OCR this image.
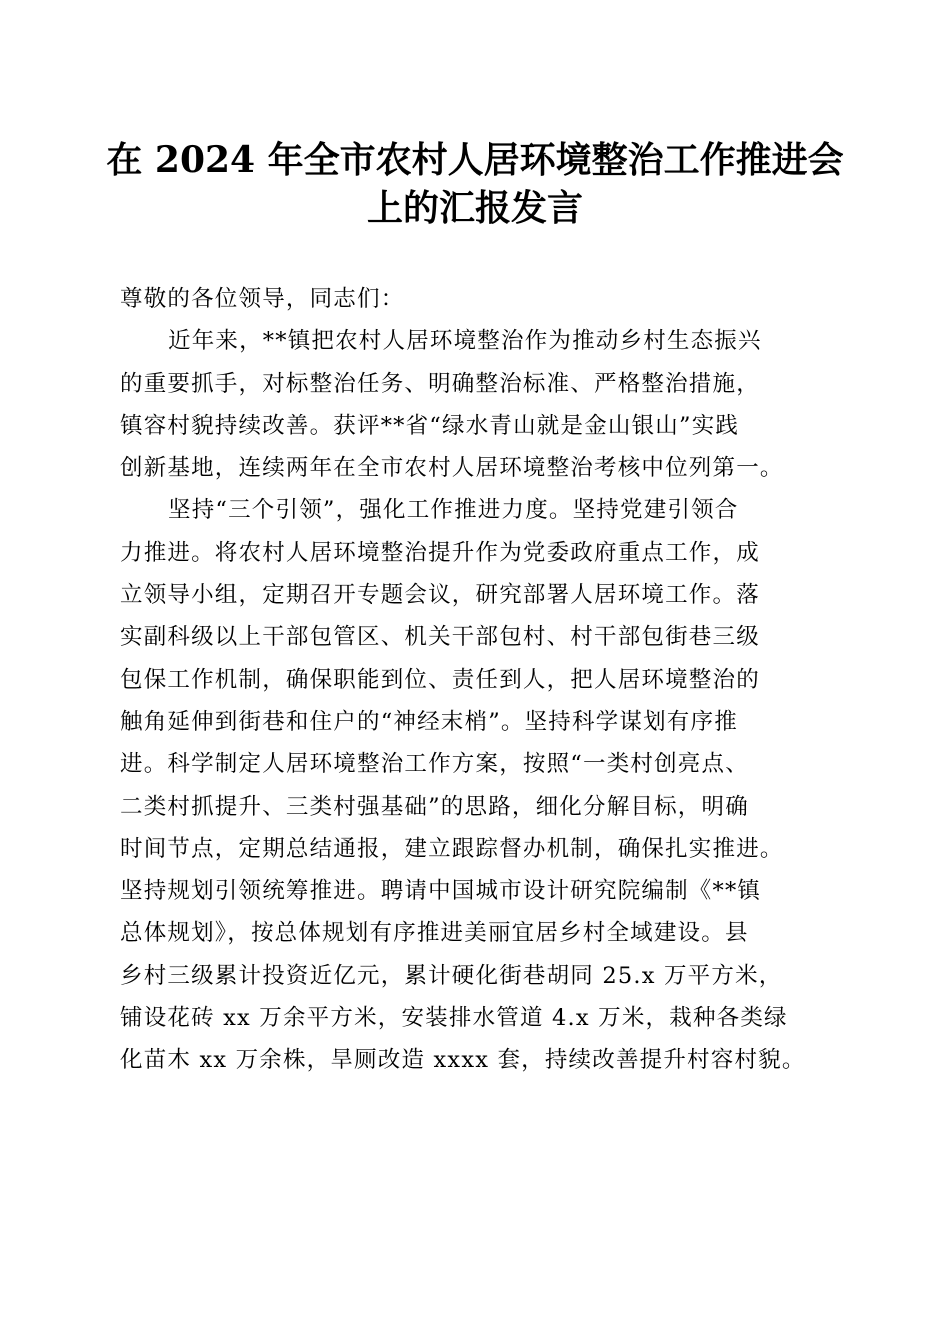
在 2024 年全市农村人居环境整治工作推进会
上的汇报发言
尊敬的各位领导，同志们：
近年来，**镇把农村人居环境整治作为推动乡村生态振兴
的重要抓手，对标整治任务、明确整治标准、严格整治措施，
镇容村貌持续改善。获评**省“绿水青山就是金山银山”实践
创新基地，连续两年在全市农村人居环境整治考核中位列第一。
坚持“三个引领”，强化工作推进力度。坚持党建引领合
力推进。将农村人居环境整治提升作为党委政府重点工作，成
立领导小组，定期召开专题会议，研究部署人居环境工作。落
实副科级以上干部包管区、机关干部包村、村干部包街巷三级
包保工作机制，确保职能到位、责任到人，把人居环境整治的
触角延伸到街巷和住户的“神经末梢”。坚持科学谋划有序推
进。科学制定人居环境整治工作方案，按照“一类村创亮点、
二类村抓提升、三类村强基础”的思路，细化分解目标，明确
时间节点，定期总结通报，建立跟踪督办机制，确保扎实推进。
坚持规划引领统筹推进。聘请中国城市设计研究院编制《**镇
总体规划》，按总体规划有序推进美丽宜居乡村全域建设。县
乡村三级累计投资近亿元，累计硬化街巷胡同 25.x 万平方米，
铺设花砖 xx 万余平方米，安装排水管道 4.x 万米，栽种各类绿
化苗木 xx 万余株，旱厕改造 xxxx 套，持续改善提升村容村貌。
